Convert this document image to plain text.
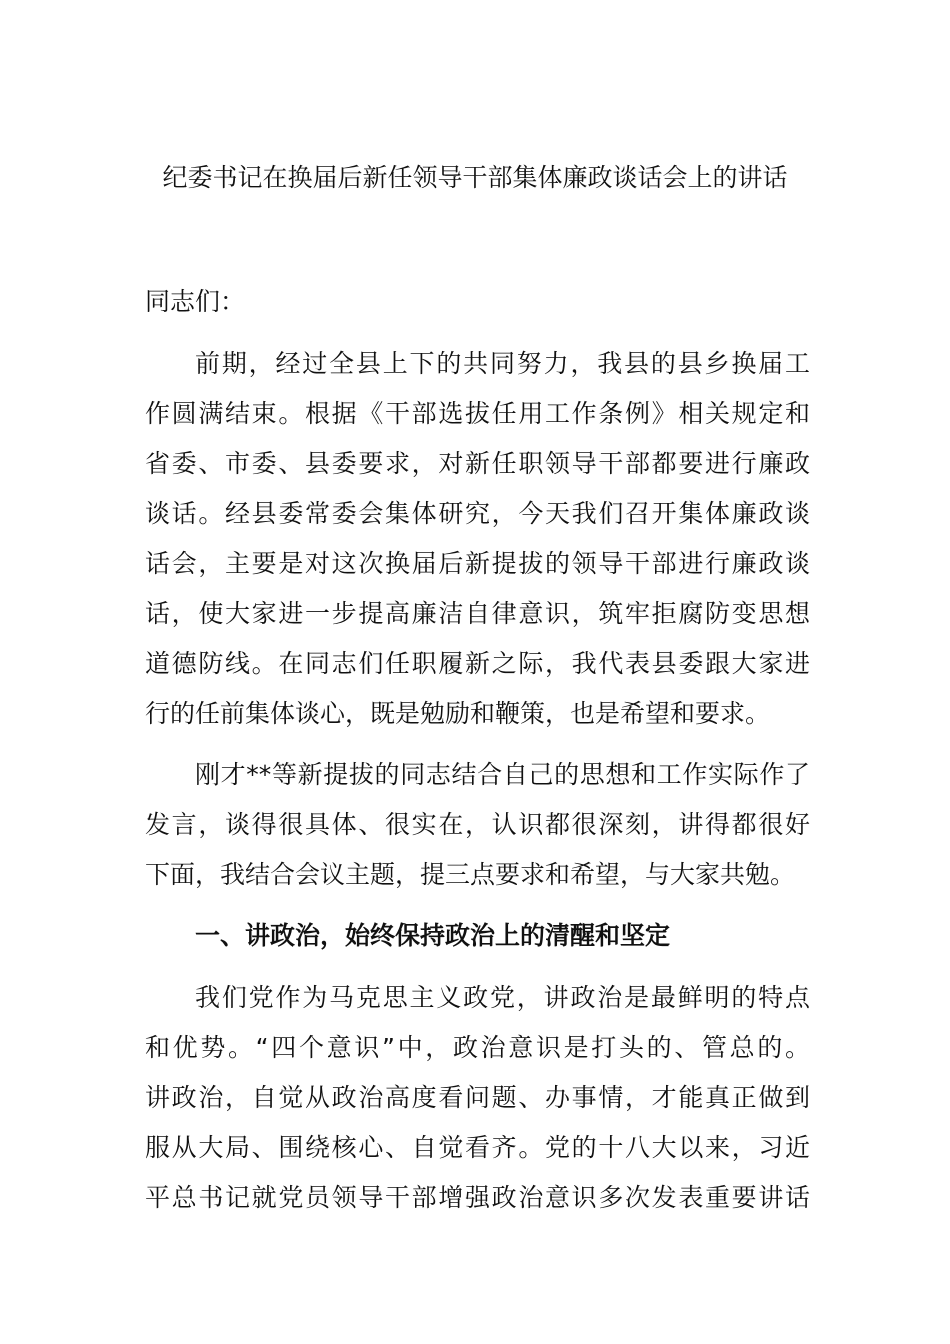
纪委书记在换届后新任领导干部集体廉政谈话会上的讲话

同志们：

前期，经过全县上下的共同努力，我县的县乡换届工

作圆满结束。根据《干部选拔任用工作条例》相关规定和

省委、市委、县委要求，对新任职领导干部都要进行廉政

谈话。经县委常委会集体研究，今天我们召开集体廉政谈

话会，主要是对这次换届后新提拔的领导干部进行廉政谈

话，使大家进一步提高廉洁自律意识，筑牢拒腐防变思想

道德防线。在同志们任职履新之际，我代表县委跟大家进

行的任前集体谈心，既是勉励和鞭策，也是希望和要求。

刚才**等新提拔的同志结合自己的思想和工作实际作了

发言，谈得很具体、很实在，认识都很深刻，讲得都很好

下面，我结合会议主题，提三点要求和希望，与大家共勉。

一、讲政治，始终保持政治上的清醒和坚定

我们党作为马克思主义政党，讲政治是最鲜明的特点

和优势。“四个意识”中，政治意识是打头的、管总的。

讲政治，自觉从政治高度看问题、办事情，才能真正做到

服从大局、围绕核心、自觉看齐。党的十八大以来，习近

平总书记就党员领导干部增强政治意识多次发表重要讲话
